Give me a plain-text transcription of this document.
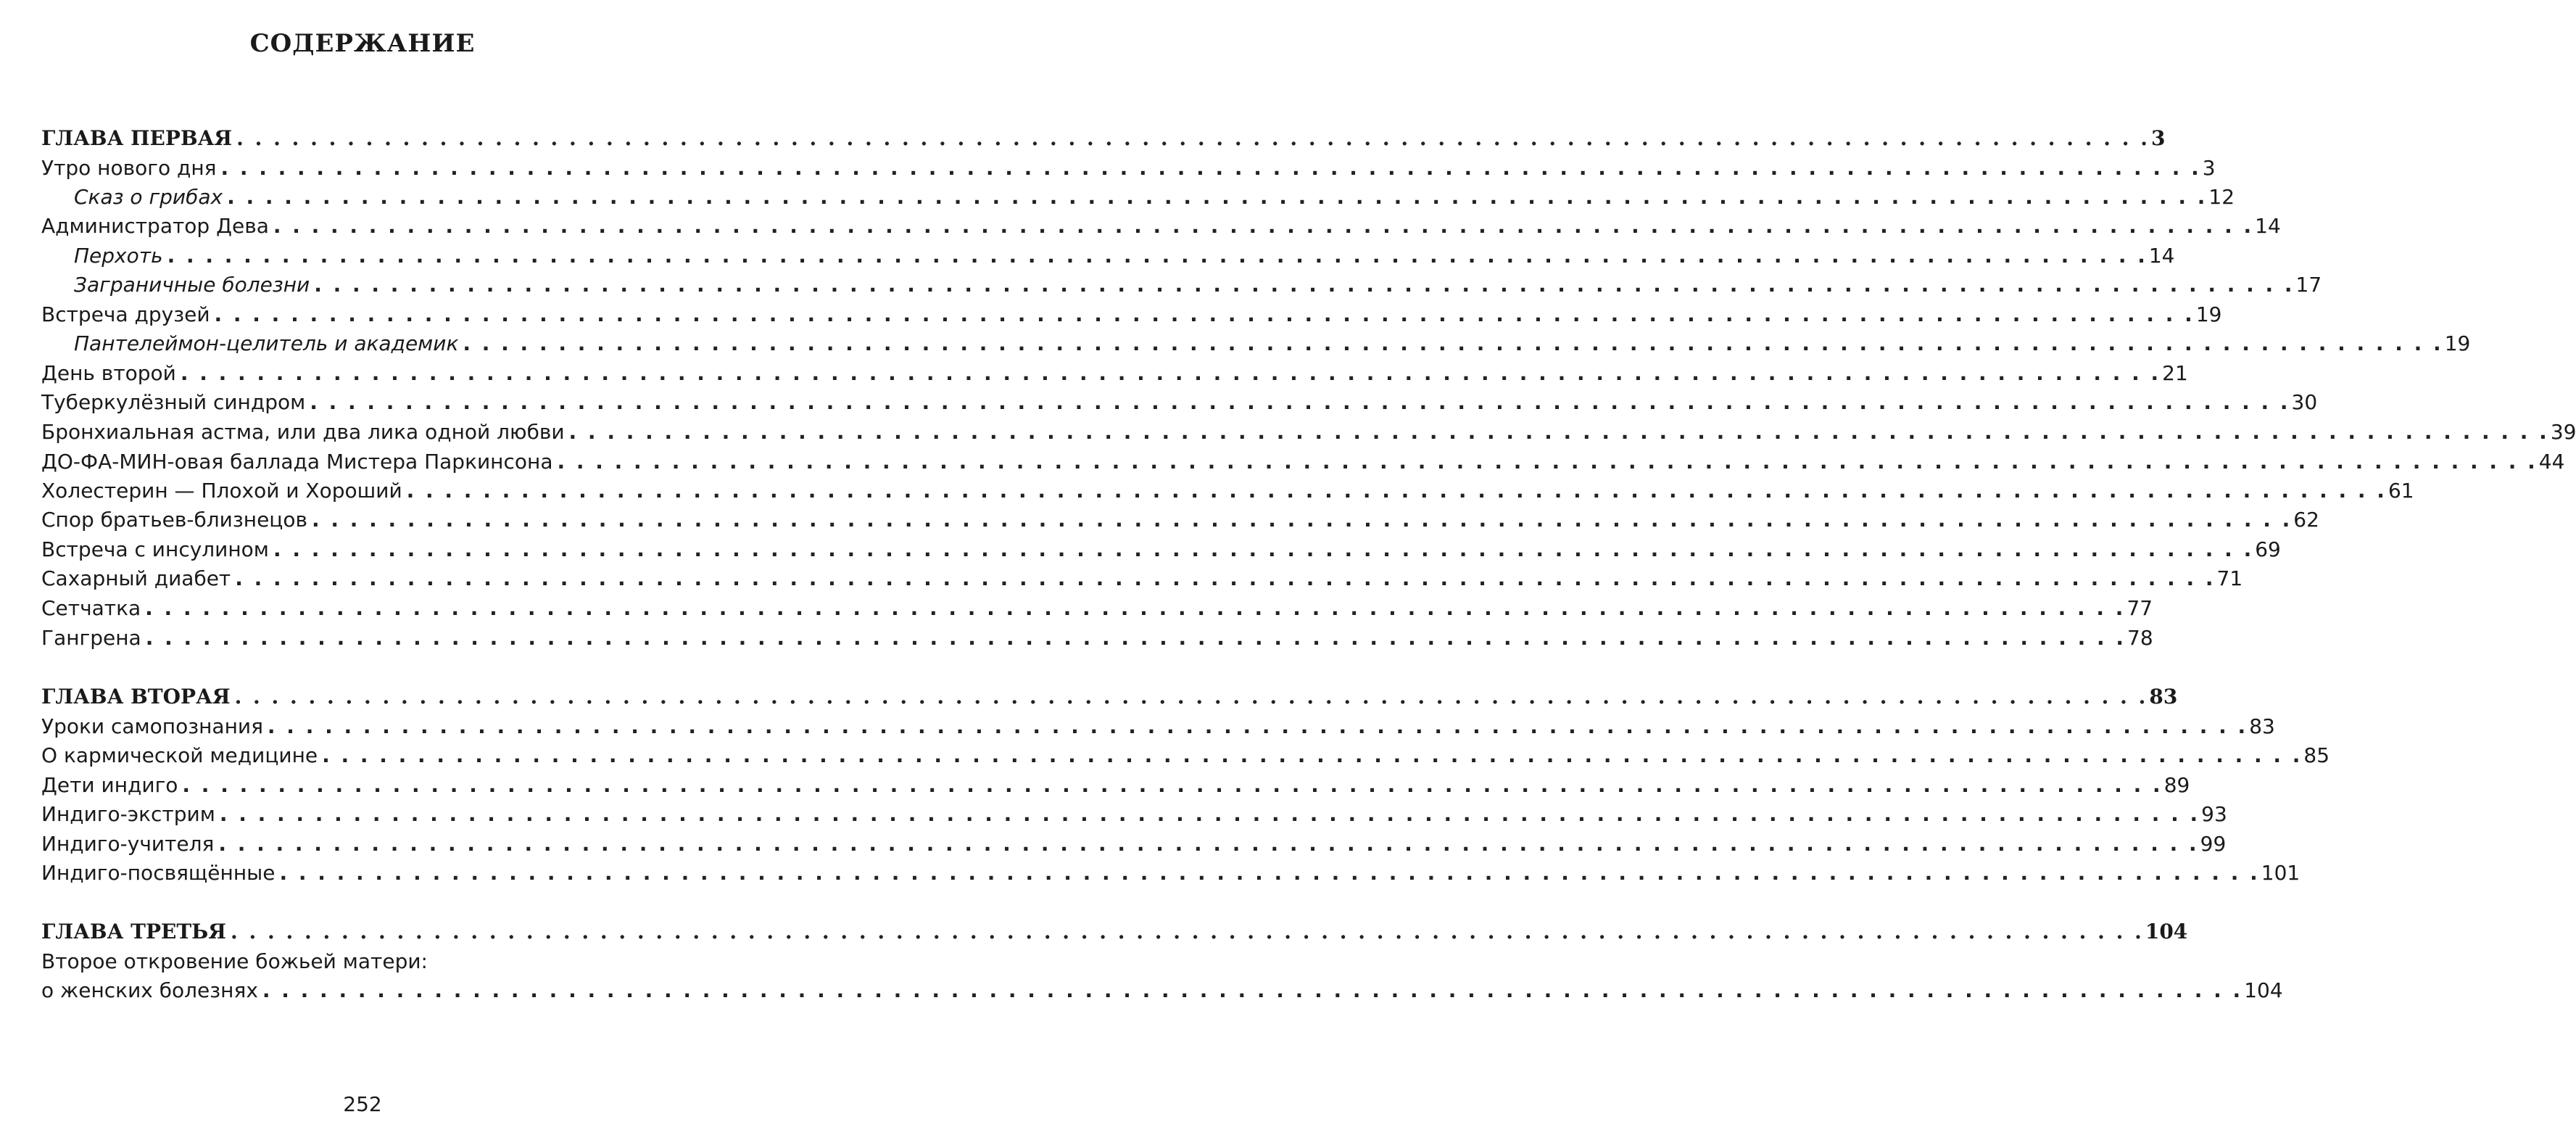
СОДЕРЖАНИЕ
ГЛАВА ПЕРВАЯ . . . . . . . . . . . . . . . . . . . . . . . . . . . . . . . . . . . . . . . . . . . . . . . . . . . . . . . . . . . . . . . . . . . . . . . . . . . . . . . . . . . . . . . . . . . . . . . . . . . . . . . . 3
Утро нового дня . . . . . . . . . . . . . . . . . . . . . . . . . . . . . . . . . . . . . . . . . . . . . . . . . . . . . . . . . . . . . . . . . . . . . . . . . . . . . . . . . . . . . . . . . . . . . . . . . . . . . . . . 3
Сказ о грибах . . . . . . . . . . . . . . . . . . . . . . . . . . . . . . . . . . . . . . . . . . . . . . . . . . . . . . . . . . . . . . . . . . . . . . . . . . . . . . . . . . . . . . . . . . . . . . . . . . . . . . . . 12
Администратор Дева . . . . . . . . . . . . . . . . . . . . . . . . . . . . . . . . . . . . . . . . . . . . . . . . . . . . . . . . . . . . . . . . . . . . . . . . . . . . . . . . . . . . . . . . . . . . . . . . . . . . . . . . 14
Перхоть . . . . . . . . . . . . . . . . . . . . . . . . . . . . . . . . . . . . . . . . . . . . . . . . . . . . . . . . . . . . . . . . . . . . . . . . . . . . . . . . . . . . . . . . . . . . . . . . . . . . . . . . 14
Заграничные болезни . . . . . . . . . . . . . . . . . . . . . . . . . . . . . . . . . . . . . . . . . . . . . . . . . . . . . . . . . . . . . . . . . . . . . . . . . . . . . . . . . . . . . . . . . . . . . . . . . . . . . . . . 17
Встреча друзей . . . . . . . . . . . . . . . . . . . . . . . . . . . . . . . . . . . . . . . . . . . . . . . . . . . . . . . . . . . . . . . . . . . . . . . . . . . . . . . . . . . . . . . . . . . . . . . . . . . . . . . . 19
Пантелеймон-целитель и академик . . . . . . . . . . . . . . . . . . . . . . . . . . . . . . . . . . . . . . . . . . . . . . . . . . . . . . . . . . . . . . . . . . . . . . . . . . . . . . . . . . . . . . . . . . . . . . . . . . . . . . . . 19
День второй . . . . . . . . . . . . . . . . . . . . . . . . . . . . . . . . . . . . . . . . . . . . . . . . . . . . . . . . . . . . . . . . . . . . . . . . . . . . . . . . . . . . . . . . . . . . . . . . . . . . . . . . 21
Туберкулёзный синдром . . . . . . . . . . . . . . . . . . . . . . . . . . . . . . . . . . . . . . . . . . . . . . . . . . . . . . . . . . . . . . . . . . . . . . . . . . . . . . . . . . . . . . . . . . . . . . . . . . . . . . . . 30
Бронхиальная астма, или два лика одной любви . . . . . . . . . . . . . . . . . . . . . . . . . . . . . . . . . . . . . . . . . . . . . . . . . . . . . . . . . . . . . . . . . . . . . . . . . . . . . . . . . . . . . . . . . . . . . . . . . . . . . . . . 39
ДО-ФА-МИН-овая баллада Мистера Паркинсона . . . . . . . . . . . . . . . . . . . . . . . . . . . . . . . . . . . . . . . . . . . . . . . . . . . . . . . . . . . . . . . . . . . . . . . . . . . . . . . . . . . . . . . . . . . . . . . . . . . . . . . . 44
Холестерин — Плохой и Хороший . . . . . . . . . . . . . . . . . . . . . . . . . . . . . . . . . . . . . . . . . . . . . . . . . . . . . . . . . . . . . . . . . . . . . . . . . . . . . . . . . . . . . . . . . . . . . . . . . . . . . . . . 61
Спор братьев-близнецов . . . . . . . . . . . . . . . . . . . . . . . . . . . . . . . . . . . . . . . . . . . . . . . . . . . . . . . . . . . . . . . . . . . . . . . . . . . . . . . . . . . . . . . . . . . . . . . . . . . . . . . . 62
Встреча с инсулином . . . . . . . . . . . . . . . . . . . . . . . . . . . . . . . . . . . . . . . . . . . . . . . . . . . . . . . . . . . . . . . . . . . . . . . . . . . . . . . . . . . . . . . . . . . . . . . . . . . . . . . . 69
Сахарный диабет . . . . . . . . . . . . . . . . . . . . . . . . . . . . . . . . . . . . . . . . . . . . . . . . . . . . . . . . . . . . . . . . . . . . . . . . . . . . . . . . . . . . . . . . . . . . . . . . . . . . . . . . 71
Сетчатка . . . . . . . . . . . . . . . . . . . . . . . . . . . . . . . . . . . . . . . . . . . . . . . . . . . . . . . . . . . . . . . . . . . . . . . . . . . . . . . . . . . . . . . . . . . . . . . . . . . . . . . . 77
Гангрена . . . . . . . . . . . . . . . . . . . . . . . . . . . . . . . . . . . . . . . . . . . . . . . . . . . . . . . . . . . . . . . . . . . . . . . . . . . . . . . . . . . . . . . . . . . . . . . . . . . . . . . . 78
ГЛАВА ВТОРАЯ . . . . . . . . . . . . . . . . . . . . . . . . . . . . . . . . . . . . . . . . . . . . . . . . . . . . . . . . . . . . . . . . . . . . . . . . . . . . . . . . . . . . . . . . . . . . . . . . . . . . . . . . 83
Уроки самопознания . . . . . . . . . . . . . . . . . . . . . . . . . . . . . . . . . . . . . . . . . . . . . . . . . . . . . . . . . . . . . . . . . . . . . . . . . . . . . . . . . . . . . . . . . . . . . . . . . . . . . . . . 83
О кармической медицине . . . . . . . . . . . . . . . . . . . . . . . . . . . . . . . . . . . . . . . . . . . . . . . . . . . . . . . . . . . . . . . . . . . . . . . . . . . . . . . . . . . . . . . . . . . . . . . . . . . . . . . . 85
Дети индиго . . . . . . . . . . . . . . . . . . . . . . . . . . . . . . . . . . . . . . . . . . . . . . . . . . . . . . . . . . . . . . . . . . . . . . . . . . . . . . . . . . . . . . . . . . . . . . . . . . . . . . . . 89
Индиго-экстрим . . . . . . . . . . . . . . . . . . . . . . . . . . . . . . . . . . . . . . . . . . . . . . . . . . . . . . . . . . . . . . . . . . . . . . . . . . . . . . . . . . . . . . . . . . . . . . . . . . . . . . . . 93
Индиго-учителя . . . . . . . . . . . . . . . . . . . . . . . . . . . . . . . . . . . . . . . . . . . . . . . . . . . . . . . . . . . . . . . . . . . . . . . . . . . . . . . . . . . . . . . . . . . . . . . . . . . . . . . . 99
Индиго-посвящённые . . . . . . . . . . . . . . . . . . . . . . . . . . . . . . . . . . . . . . . . . . . . . . . . . . . . . . . . . . . . . . . . . . . . . . . . . . . . . . . . . . . . . . . . . . . . . . . . . . . . . . . . 101
ГЛАВА ТРЕТЬЯ . . . . . . . . . . . . . . . . . . . . . . . . . . . . . . . . . . . . . . . . . . . . . . . . . . . . . . . . . . . . . . . . . . . . . . . . . . . . . . . . . . . . . . . . . . . . . . . . . . . . . . . . 104
Второе откровение божьей матери:
о женских болезнях . . . . . . . . . . . . . . . . . . . . . . . . . . . . . . . . . . . . . . . . . . . . . . . . . . . . . . . . . . . . . . . . . . . . . . . . . . . . . . . . . . . . . . . . . . . . . . . . . . . . . . . . 104
252
